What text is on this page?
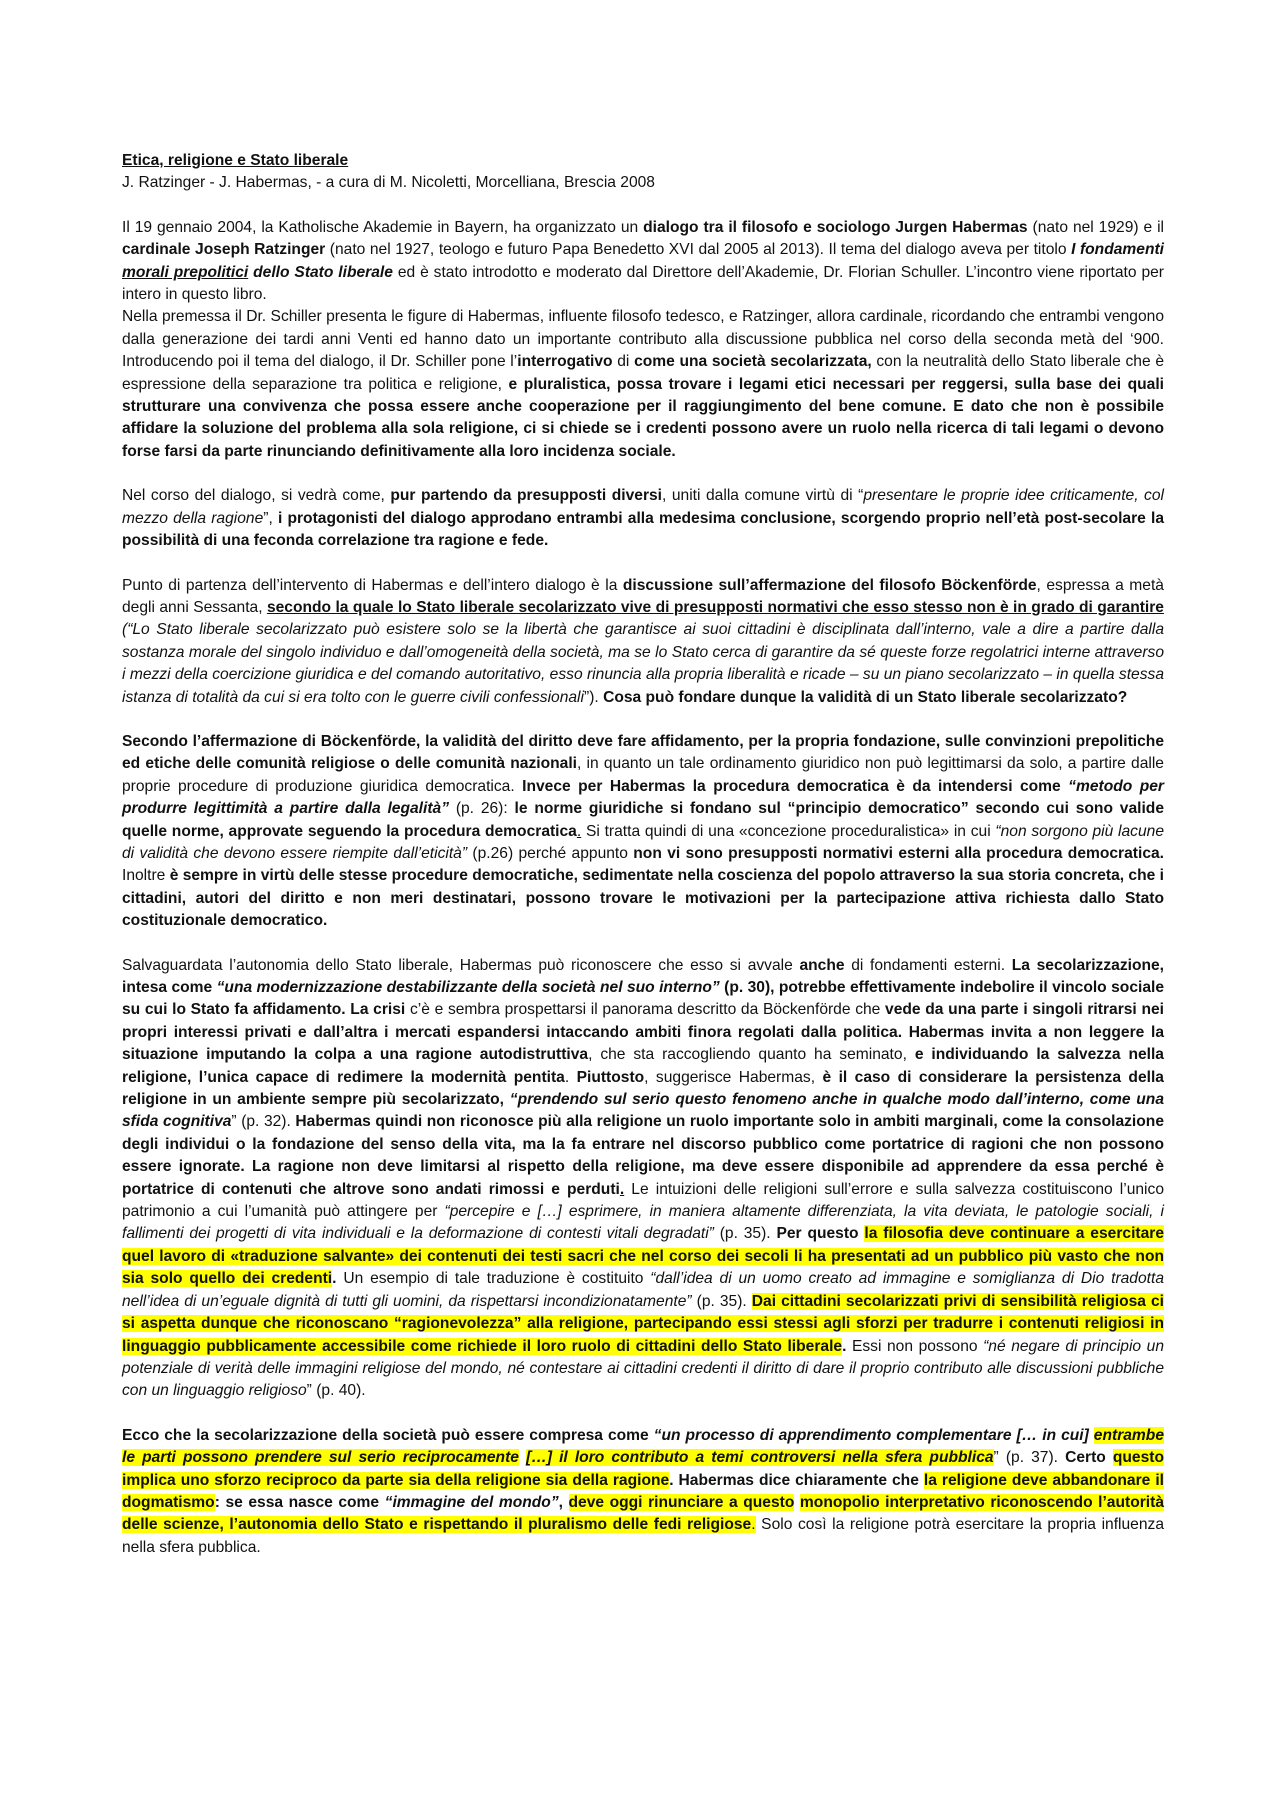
Etica, religione e Stato liberale
J. Ratzinger - J. Habermas, - a cura di M. Nicoletti, Morcelliana, Brescia 2008

Il 19 gennaio 2004, la Katholische Akademie in Bayern, ha organizzato un dialogo tra il filosofo e sociologo Jurgen Habermas (nato nel 1929) e il cardinale Joseph Ratzinger (nato nel 1927, teologo e futuro Papa Benedetto XVI dal 2005 al 2013). Il tema del dialogo aveva per titolo I fondamenti morali prepolitici dello Stato liberale ed è stato introdotto e moderato dal Direttore dell’Akademie, Dr. Florian Schuller. L’incontro viene riportato per intero in questo libro.

Nella premessa il Dr. Schiller presenta le figure di Habermas, influente filosofo tedesco, e Ratzinger, allora cardinale, ricordando che entrambi vengono dalla generazione dei tardi anni Venti ed hanno dato un importante contributo alla discussione pubblica nel corso della seconda metà del ‘900. Introducendo poi il tema del dialogo, il Dr. Schiller pone l’interrogativo di come una società secolarizzata, con la neutralità dello Stato liberale che è espressione della separazione tra politica e religione, e pluralistica, possa trovare i legami etici necessari per reggersi, sulla base dei quali strutturare una convivenza che possa essere anche cooperazione per il raggiungimento del bene comune. E dato che non è possibile affidare la soluzione del problema alla sola religione, ci si chiede se i credenti possono avere un ruolo nella ricerca di tali legami o devono forse farsi da parte rinunciando definitivamente alla loro incidenza sociale.

Nel corso del dialogo, si vedrà come, pur partendo da presupposti diversi, uniti dalla comune virtù di “presentare le proprie idee criticamente, col mezzo della ragione”, i protagonisti del dialogo approdano entrambi alla medesima conclusione, scorgendo proprio nell’età post-secolare la possibilità di una feconda correlazione tra ragione e fede.

Punto di partenza dell’intervento di Habermas e dell’intero dialogo è la discussione sull’affermazione del filosofo Böckenförde, espressa a metà degli anni Sessanta, secondo la quale lo Stato liberale secolarizzato vive di presupposti normativi che esso stesso non è in grado di garantire (“Lo Stato liberale secolarizzato può esistere solo se la libertà che garantisce ai suoi cittadini è disciplinata dall’interno, vale a dire a partire dalla sostanza morale del singolo individuo e dall’omogeneità della società, ma se lo Stato cerca di garantire da sé queste forze regolatrici interne attraverso i mezzi della coercizione giuridica e del comando autoritativo, esso rinuncia alla propria liberalità e ricade – su un piano secolarizzato – in quella stessa istanza di totalità da cui si era tolto con le guerre civili confessionali”). Cosa può fondare dunque la validità di un Stato liberale secolarizzato?

Secondo l’affermazione di Böckenförde, la validità del diritto deve fare affidamento, per la propria fondazione, sulle convinzioni prepolitiche ed etiche delle comunità religiose o delle comunità nazionali, in quanto un tale ordinamento giuridico non può legittimarsi da solo, a partire dalle proprie procedure di produzione giuridica democratica. Invece per Habermas la procedura democratica è da intendersi come “metodo per produrre legittimità a partire dalla legalità” (p. 26): le norme giuridiche si fondano sul “principio democratico” secondo cui sono valide quelle norme, approvate seguendo la procedura democratica. Si tratta quindi di una «concezione proceduralistica» in cui “non sorgono più lacune di validità che devono essere riempite dall’eticità” (p.26) perché appunto non vi sono presupposti normativi esterni alla procedura democratica. Inoltre è sempre in virtù delle stesse procedure democratiche, sedimentate nella coscienza del popolo attraverso la sua storia concreta, che i cittadini, autori del diritto e non meri destinatari, possono trovare le motivazioni per la partecipazione attiva richiesta dallo Stato costituzionale democratico.

Salvaguardata l’autonomia dello Stato liberale, Habermas può riconoscere che esso si avvale anche di fondamenti esterni. La secolarizzazione, intesa come “una modernizzazione destabilizzante della società nel suo interno” (p. 30), potrebbe effettivamente indebolire il vincolo sociale su cui lo Stato fa affidamento. La crisi c’è e sembra prospettarsi il panorama descritto da Böckenförde che vede da una parte i singoli ritrarsi nei propri interessi privati e dall’altra i mercati espandersi intaccando ambiti finora regolati dalla politica. Habermas invita a non leggere la situazione imputando la colpa a una ragione autodistruttiva, che sta raccogliendo quanto ha seminato, e individuando la salvezza nella religione, l’unica capace di redimere la modernità pentita. Piuttosto, suggerisce Habermas, è il caso di considerare la persistenza della religione in un ambiente sempre più secolarizzato, “prendendo sul serio questo fenomeno anche in qualche modo dall’interno, come una sfida cognitiva” (p. 32). Habermas quindi non riconosce più alla religione un ruolo importante solo in ambiti marginali, come la consolazione degli individui o la fondazione del senso della vita, ma la fa entrare nel discorso pubblico come portatrice di ragioni che non possono essere ignorate. La ragione non deve limitarsi al rispetto della religione, ma deve essere disponibile ad apprendere da essa perché è portatrice di contenuti che altrove sono andati rimossi e perduti. Le intuizioni delle religioni sull’errore e sulla salvezza costituiscono l’unico patrimonio a cui l’umanità può attingere per “percepire e […] esprimere, in maniera altamente differenziata, la vita deviata, le patologie sociali, i fallimenti dei progetti di vita individuali e la deformazione di contesti vitali degradati” (p. 35). Per questo la filosofia deve continuare a esercitare quel lavoro di «traduzione salvante» dei contenuti dei testi sacri che nel corso dei secoli li ha presentati ad un pubblico più vasto che non sia solo quello dei credenti. Un esempio di tale traduzione è costituito “dall’idea di un uomo creato ad immagine e somiglianza di Dio tradotta nell’idea di un’eguale dignità di tutti gli uomini, da rispettarsi incondizionatamente” (p. 35). Dai cittadini secolarizzati privi di sensibilità religiosa ci si aspetta dunque che riconoscano “ragionevolezza” alla religione, partecipando essi stessi agli sforzi per tradurre i contenuti religiosi in linguaggio pubblicamente accessibile come richiede il loro ruolo di cittadini dello Stato liberale. Essi non possono “né negare di principio un potenziale di verità delle immagini religiose del mondo, né contestare ai cittadini credenti il diritto di dare il proprio contributo alle discussioni pubbliche con un linguaggio religioso” (p. 40).

Ecco che la secolarizzazione della società può essere compresa come “un processo di apprendimento complementare [… in cui] entrambe le parti possono prendere sul serio reciprocamente […] il loro contributo a temi controversi nella sfera pubblica” (p. 37). Certo questo implica uno sforzo reciproco da parte sia della religione sia della ragione. Habermas dice chiaramente che la religione deve abbandonare il dogmatismo: se essa nasce come “immagine del mondo”, deve oggi rinunciare a questo monopolio interpretativo riconoscendo l’autorità delle scienze, l’autonomia dello Stato e rispettando il pluralismo delle fedi religiose. Solo così la religione potrà esercitare la propria influenza nella sfera pubblica.
